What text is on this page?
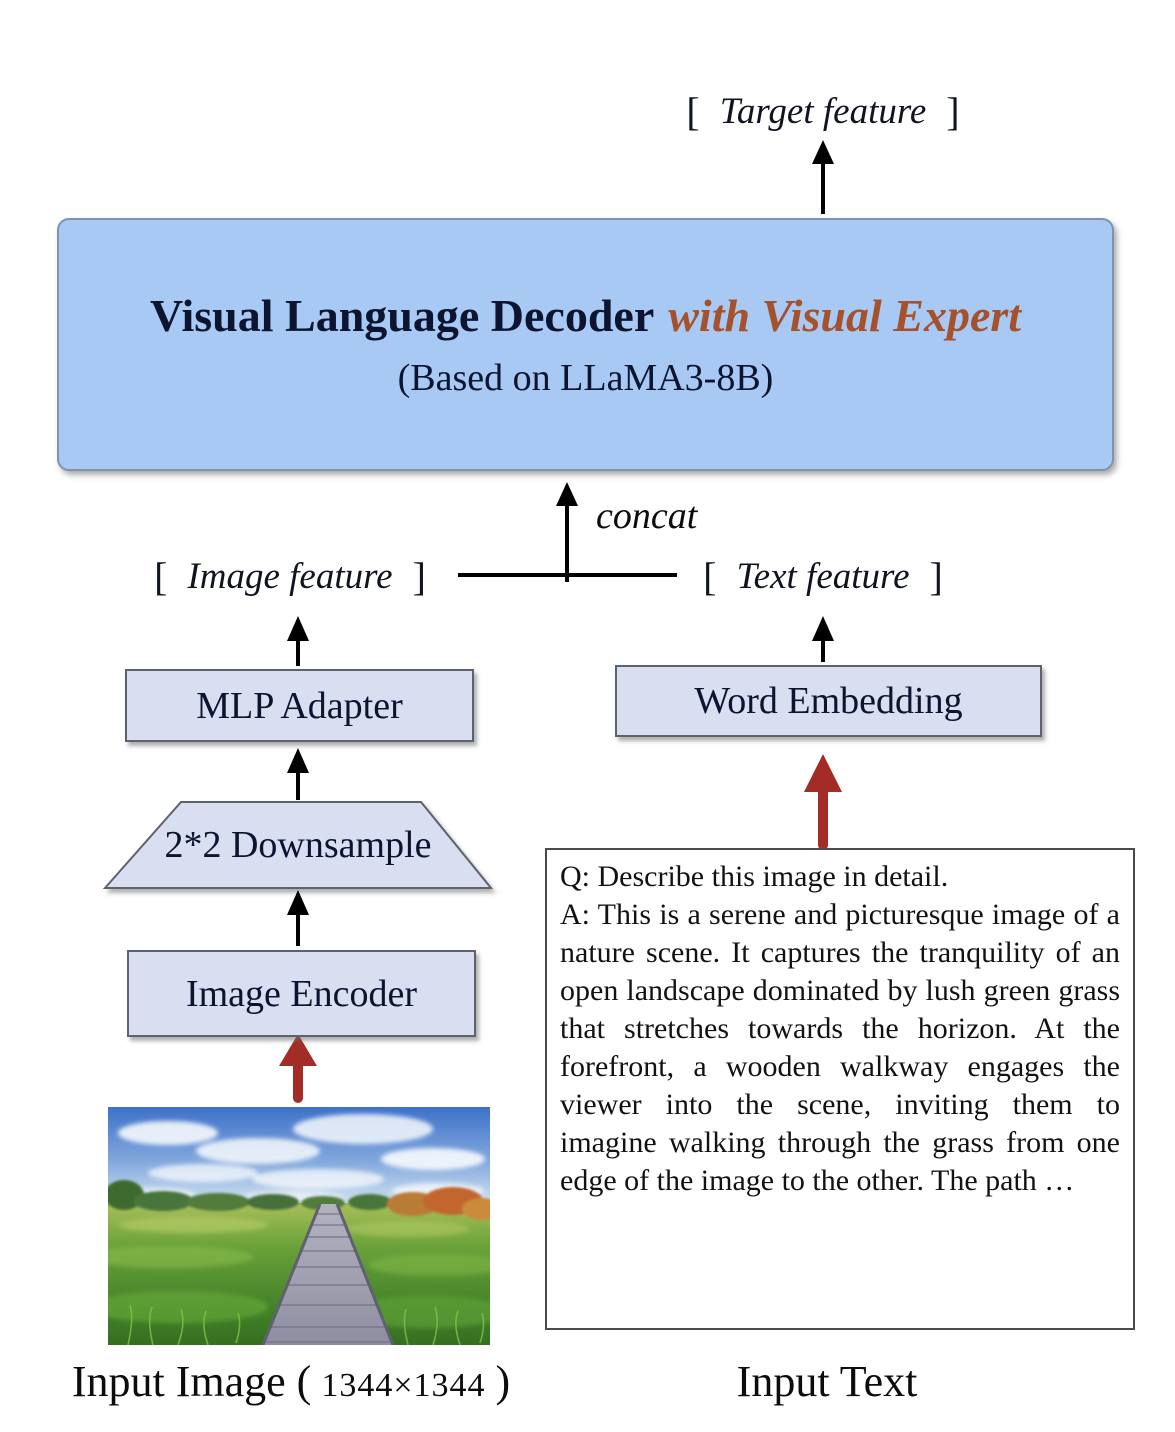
[ Target feature ]
Visual Language Decoder with Visual Expert
(Based on LLaMA3-8B)
concat
[ Image feature ]	[ Text feature ]
MLP Adapter	Word Embedding
2*2 Downsample
Image Encoder

Q: Describe this image in detail.

A: This is a serene and picturesque image of a nature scene. It captures the tranquility of an open landscape dominated by lush green grass that stretches towards the horizon. At the forefront, a wooden walkway engages the viewer into the scene, inviting them to imagine walking through the grass from one edge of the image to the other. The path …

Input Image ( 1344×1344 )	Input Text
